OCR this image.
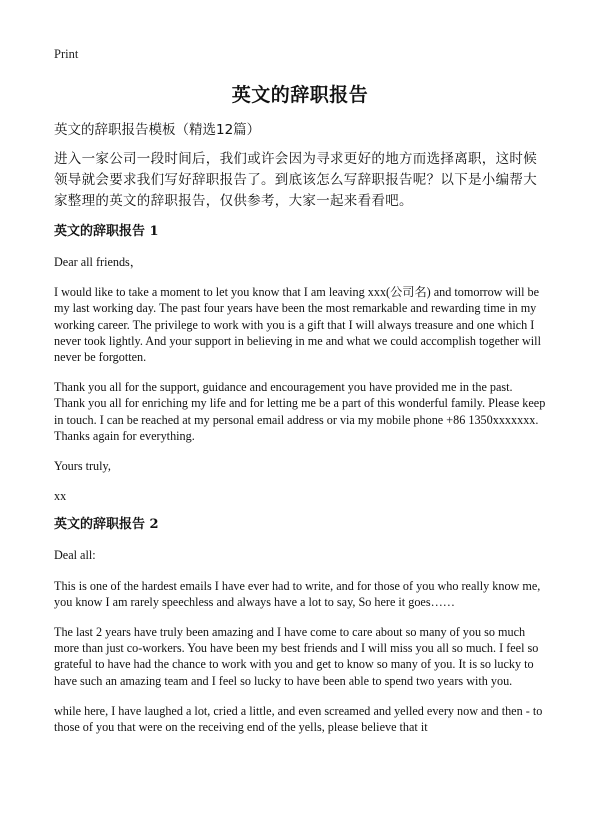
Print
英文的辞职报告

英文的辞职报告模板（精选12篇）

进入一家公司一段时间后，我们或许会因为寻求更好的地方而选择离职，这时候领导就会要求我们写好辞职报告了。到底该怎么写辞职报告呢？以下是小编帮大家整理的英文的辞职报告，仅供参考，大家一起来看看吧。

英文的辞职报告 1

Dear all friends，

I would like to take a moment to let you know that I am leaving xxx(公司名) and tomorrow will be my last working day. The past four years have been the most remarkable and rewarding time in my working career. The privilege to work with you is a gift that I will always treasure and one which I never took lightly. And your support in believing in me and what we could accomplish together will never be forgotten.

Thank you all for the support, guidance and encouragement you have provided me in the past. Thank you all for enriching my life and for letting me be a part of this wonderful family. Please keep in touch. I can be reached at my personal email address or via my mobile phone +86 1350xxxxxxx. Thanks again for everything.

Yours truly,

xx

英文的辞职报告 2

Deal all:

This is one of the hardest emails I have ever had to write, and for those of you who really know me, you know I am rarely speechless and always have a lot to say, So here it goes……

The last 2 years have truly been amazing and I have come to care about so many of you so much more than just co-workers. You have been my best friends and I will miss you all so much. I feel so grateful to have had the chance to work with you and get to know so many of you. It is so lucky to have such an amazing team and I feel so lucky to have been able to spend two years with you.

while here, I have laughed a lot, cried a little, and even screamed and yelled every now and then - to those of you that were on the receiving end of the yells, please believe that it
